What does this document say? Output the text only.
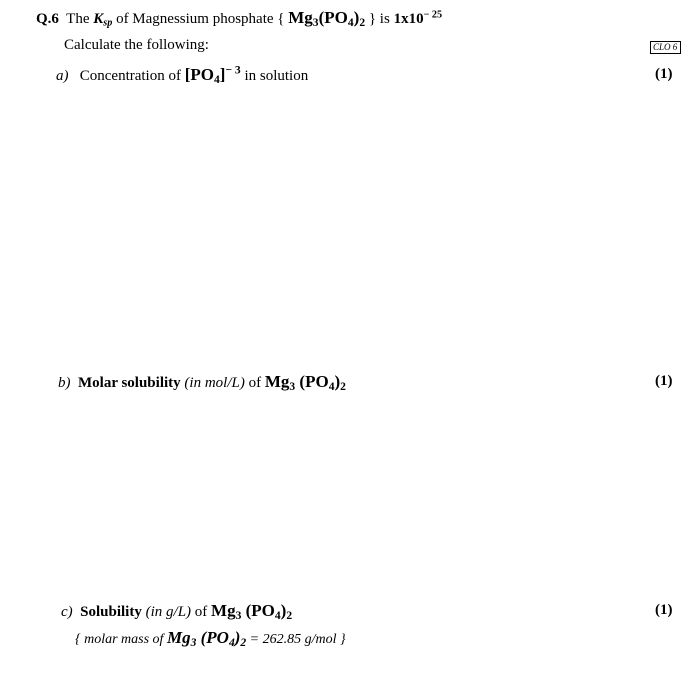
Q.6 The $K_{sp}$ of Magnessium phosphate { $Mg_3(PO_4)_2$ } is $1x10^{- 25}$
Calculate the following:	CLO 6
a) Concentration of $[PO_4]^{- 3}$ in solution	(1)
b) Molar solubility (in mol/L) of $Mg_3$ $(PO_4)_2$	(1)
c) Solubility (in g/L) of $Mg_3$ $(PO_4)_2$	(1)
{ molar mass of $Mg_3$ $(PO_4)_2 = 262.85$ g/mol }
